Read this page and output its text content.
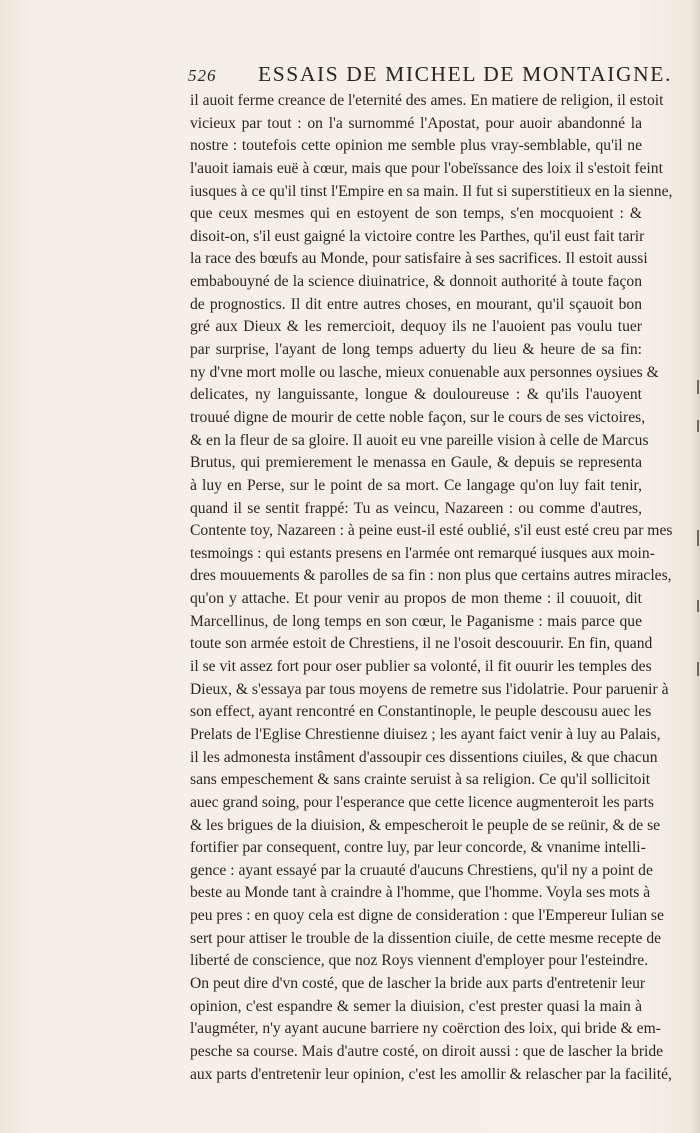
526 ESSAIS DE MICHEL DE MONTAIGNE.
il auoit ferme creance de l'eternité des ames. En matiere de religion, il estoit
vicieux par tout : on l'a surnommé l'Apostat, pour auoir abandonné la
nostre : toutefois cette opinion me semble plus vray-semblable, qu'il ne
l'auoit iamais euë à cœur, mais que pour l'obeïssance des loix il s'estoit feint
iusques à ce qu'il tinst l'Empire en sa main. Il fut si superstitieux en la sienne,
que ceux mesmes qui en estoyent de son temps, s'en mocquoient : &
disoit-on, s'il eust gaigné la victoire contre les Parthes, qu'il eust fait tarir
la race des bœufs au Monde, pour satisfaire à ses sacrifices. Il estoit aussi
embabouyné de la science diuinatrice, & donnoit authorité à toute façon
de prognostics. Il dit entre autres choses, en mourant, qu'il sçauoit bon
gré aux Dieux & les remercioit, dequoy ils ne l'auoient pas voulu tuer
par surprise, l'ayant de long temps aduerty du lieu & heure de sa fin:
ny d'vne mort molle ou lasche, mieux conuenable aux personnes oysiues &
delicates, ny languissante, longue & douloureuse : & qu'ils l'auoyent
trouué digne de mourir de cette noble façon, sur le cours de ses victoires,
& en la fleur de sa gloire. Il auoit eu vne pareille vision à celle de Marcus
Brutus, qui premierement le menassa en Gaule, & depuis se representa
à luy en Perse, sur le point de sa mort. Ce langage qu'on luy fait tenir,
quand il se sentit frappé: Tu as veincu, Nazareen : ou comme d'autres,
Contente toy, Nazareen : à peine eust-il esté oublié, s'il eust esté creu par mes
tesmoings : qui estants presens en l'armée ont remarqué iusques aux moin-
dres mouuements & parolles de sa fin : non plus que certains autres miracles,
qu'on y attache. Et pour venir au propos de mon theme : il couuoit, dit
Marcellinus, de long temps en son cœur, le Paganisme : mais parce que
toute son armée estoit de Chrestiens, il ne l'osoit descouurir. En fin, quand
il se vit assez fort pour oser publier sa volonté, il fit ouurir les temples des
Dieux, & s'essaya par tous moyens de remetre sus l'idolatrie. Pour paruenir à
son effect, ayant rencontré en Constantinople, le peuple descousu auec les
Prelats de l'Eglise Chrestienne diuisez ; les ayant faict venir à luy au Palais,
il les admonesta instâment d'assoupir ces dissentions ciuiles, & que chacun
sans empeschement & sans crainte seruist à sa religion. Ce qu'il sollicitoit
auec grand soing, pour l'esperance que cette licence augmenteroit les parts
& les brigues de la diuision, & empescheroit le peuple de se reünir, & de se
fortifier par consequent, contre luy, par leur concorde, & vnanime intelli-
gence : ayant essayé par la cruauté d'aucuns Chrestiens, qu'il ny a point de
beste au Monde tant à craindre à l'homme, que l'homme. Voyla ses mots à
peu pres : en quoy cela est digne de consideration : que l'Empereur Iulian se
sert pour attiser le trouble de la dissention ciuile, de cette mesme recepte de
liberté de conscience, que noz Roys viennent d'employer pour l'esteindre.
On peut dire d'vn costé, que de lascher la bride aux parts d'entretenir leur
opinion, c'est espandre & semer la diuision, c'est prester quasi la main à
l'augméter, n'y ayant aucune barriere ny coërction des loix, qui bride & em-
pesche sa course. Mais d'autre costé, on diroit aussi : que de lascher la bride
aux parts d'entretenir leur opinion, c'est les amollir & relascher par la facilité,
